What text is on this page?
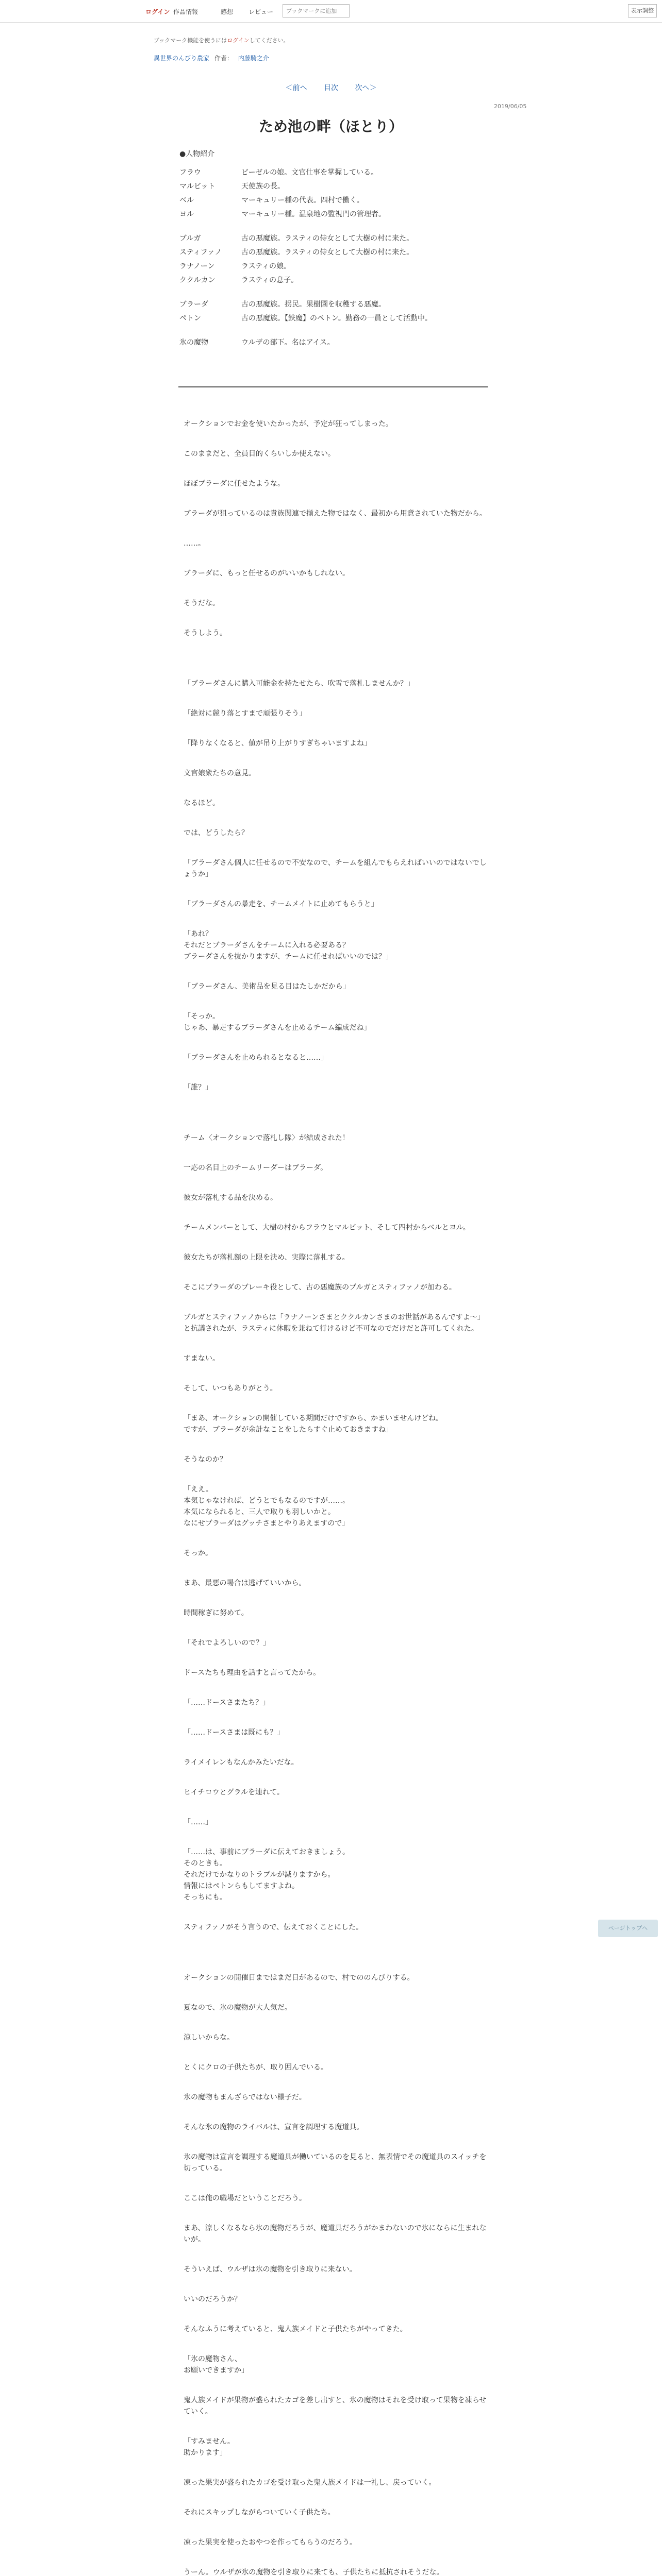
ログイン 作品情報	感想 レビュー
ブックマークに追加	表示調整
ブックマーク機能を使うにはログインしてください。
異世界のんびり農家 作者： 内藤騎之介
＜前へ 目次 次へ＞
2019/06/05
ため池の畔（ほとり）
●人物紹介
フラウ	ビーゼルの娘。文官仕事を掌握している。
マルビット	天使族の長。
ベル	マーキュリー種の代表。四村で働く。
ヨル	マーキュリー種。温泉地の監視門の管理者。
ブルガ	古の悪魔族。ラスティの侍女として大樹の村に来た。
スティファノ	古の悪魔族。ラスティの侍女として大樹の村に来た。
ラナノーン	ラスティの娘。
ククルカン	ラスティの息子。
ブラーダ	古の悪魔族。拐民。果樹園を収穫する悪魔。
ペトン	古の悪魔族。【鉄魔】のペトン。勤務の一員として活動中。
氷の魔物	ウルザの部下。名はアイス。

オークションでお金を使いたかったが、予定が狂ってしまった。

このままだと、全員目的くらいしか使えない。

ほぼブラーダに任せたような。

ブラーダが狙っているのは貴族関連で揃えた物ではなく、最初から用意されていた物だから。

……。

ブラーダに、もっと任せるのがいいかもしれない。

そうだな。

そうしよう。

「ブラーダさんに購入可能金を持たせたら、吹雪で落札しませんか？」

「絶対に競り落とすまで頑張りそう」

「降りなくなると、値が吊り上がりすぎちゃいますよね」

文官娘衆たちの意見。

なるほど。

では、どうしたら？

「ブラーダさん個人に任せるので不安なので、チームを組んでもらえればいいのではないでしょうか」

「ブラーダさんの暴走を、チームメイトに止めてもらうと」

「あれ？
それだとブラーダさんをチームに入れる必要ある？
ブラーダさんを抜かりますが、チームに任せればいいのでは？」

「ブラーダさん、美術品を見る目はたしかだから」

「そっか。
じゃあ、暴走するブラーダさんを止めるチーム編成だね」

「ブラーダさんを止められるとなると……」

「誰？」

チーム〈オークションで落札し隊〉が結成された！

一応の名目上のチームリーダーはブラーダ。

彼女が落札する品を決める。

チームメンバーとして、大樹の村からフラウとマルビット、そして四村からベルとヨル。

彼女たちが落札額の上限を決め、実際に落札する。

そこにブラーダのブレーキ役として、古の悪魔族のブルガとスティファノが加わる。

ブルガとスティファノからは「ラナノーンさまとククルカンさまのお世話があるんですよ～」と抗議されたが、ラスティに休暇を兼ねて行けるけど不可なのでだけだと許可してくれた。

すまない。

そして、いつもありがとう。

「まあ、オークションの開催している期間だけですから、かまいませんけどね。
ですが、ブラーダが余計なことをしたらすぐ止めておきますね」

そうなのか？

「ええ。
本気じゃなければ、どうとでもなるのですが……。
本気になられると、三人で取りも羽しいかと。
なにせブラーダはグッチさまとやりあえますので」

そっか。

まあ、最悪の場合は逃げていいから。

時間稼ぎに努めて。

「それでよろしいので？」

ドースたちも理由を話すと言ってたから。

「……ドースさまたち？」

「……ドースさまは既にも？」

ライメイレンもなんかみたいだな。

ヒイチロウとグラルを連れて。

「……」

「……は、事前にブラーダに伝えておきましょう。
そのときも。
それだけでかなりのトラブルが減りますから。
情報にはペトンらもしてますよね。
そっちにも。

スティファノがそう言うので、伝えておくことにした。

オークションの開催日まではまだ日があるので、村でののんびりする。

夏なので、氷の魔物が大人気だ。

涼しいからな。

とくにクロの子供たちが、取り囲んでいる。

氷の魔物もまんざらではない様子だ。

そんな氷の魔物のライバルは、宣言を調理する魔道具。

氷の魔物は宣言を調理する魔道具が働いているのを見ると、無表情でその魔道具のスイッチを切っている。

ここは俺の職場だということだろう。

まあ、涼しくなるなら氷の魔物だろうが、魔道具だろうがかまわないので氷にならに生まれないが。

そういえば、ウルザは氷の魔物を引き取りに来ない。

いいのだろうか？

そんなふうに考えていると、鬼人族メイドと子供たちがやってきた。

「氷の魔物さん、
お願いできますか」

鬼人族メイドが果物が盛られたカゴを差し出すと、氷の魔物はそれを受け取って果物を凍らせていく。

「すみません。
助かります」

凍った果実が盛られたカゴを受け取った鬼人族メイドは一礼し、戻っていく。

それにスキップしながらついていく子供たち。

凍った果実を使ったおやつを作ってもらうのだろう。

うーん。ウルザが氷の魔物を引き取りに来ても、子供たちに抵抗されそうだな。

ページトップへ
